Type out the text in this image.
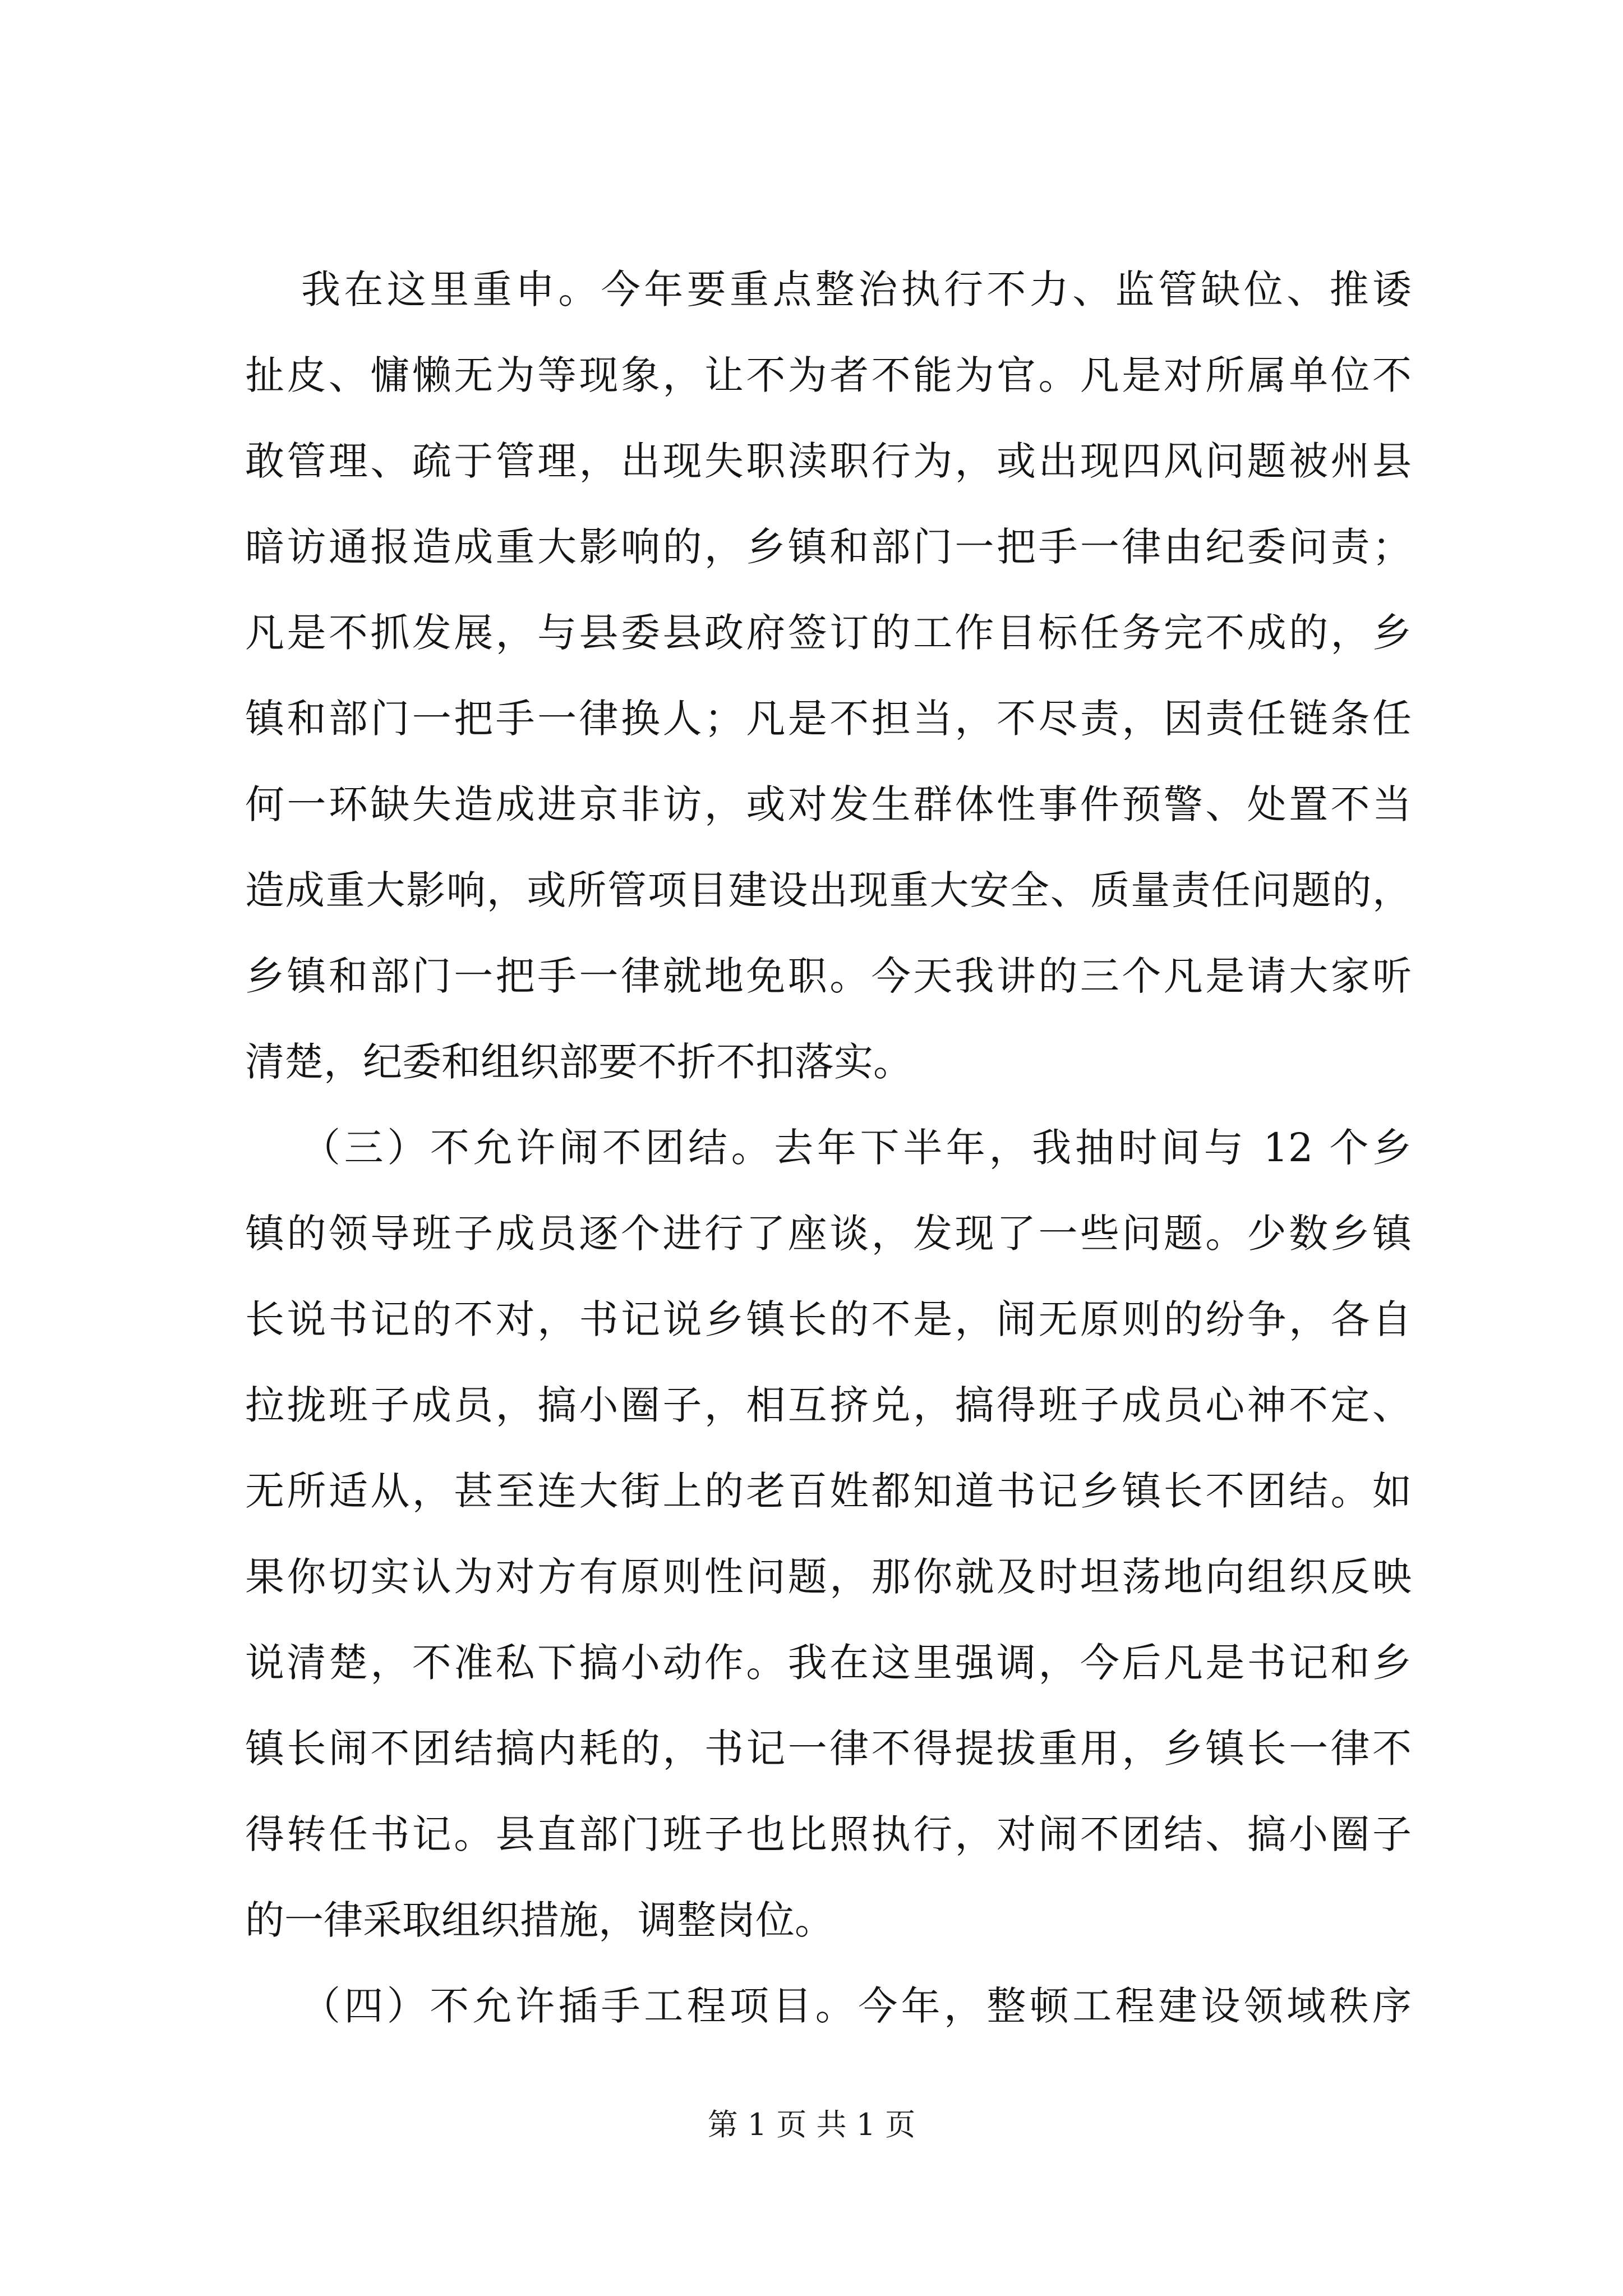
我在这里重申。今年要重点整治执行不力、监管缺位、推诿
扯皮、慵懒无为等现象，让不为者不能为官。凡是对所属单位不
敢管理、疏于管理，出现失职渎职行为，或出现四风问题被州县
暗访通报造成重大影响的，乡镇和部门一把手一律由纪委问责；
凡是不抓发展，与县委县政府签订的工作目标任务完不成的，乡
镇和部门一把手一律换人；凡是不担当，不尽责，因责任链条任
何一环缺失造成进京非访，或对发生群体性事件预警、处置不当
造成重大影响，或所管项目建设出现重大安全、质量责任问题的，
乡镇和部门一把手一律就地免职。今天我讲的三个凡是请大家听
清楚，纪委和组织部要不折不扣落实。
（三）不允许闹不团结。去年下半年，我抽时间与 12 个乡
镇的领导班子成员逐个进行了座谈，发现了一些问题。少数乡镇
长说书记的不对，书记说乡镇长的不是，闹无原则的纷争，各自
拉拢班子成员，搞小圈子，相互挤兑，搞得班子成员心神不定、
无所适从，甚至连大街上的老百姓都知道书记乡镇长不团结。如
果你切实认为对方有原则性问题，那你就及时坦荡地向组织反映
说清楚，不准私下搞小动作。我在这里强调，今后凡是书记和乡
镇长闹不团结搞内耗的，书记一律不得提拔重用，乡镇长一律不
得转任书记。县直部门班子也比照执行，对闹不团结、搞小圈子
的一律采取组织措施，调整岗位。
（四）不允许插手工程项目。今年，整顿工程建设领域秩序
第 1 页 共 1 页
